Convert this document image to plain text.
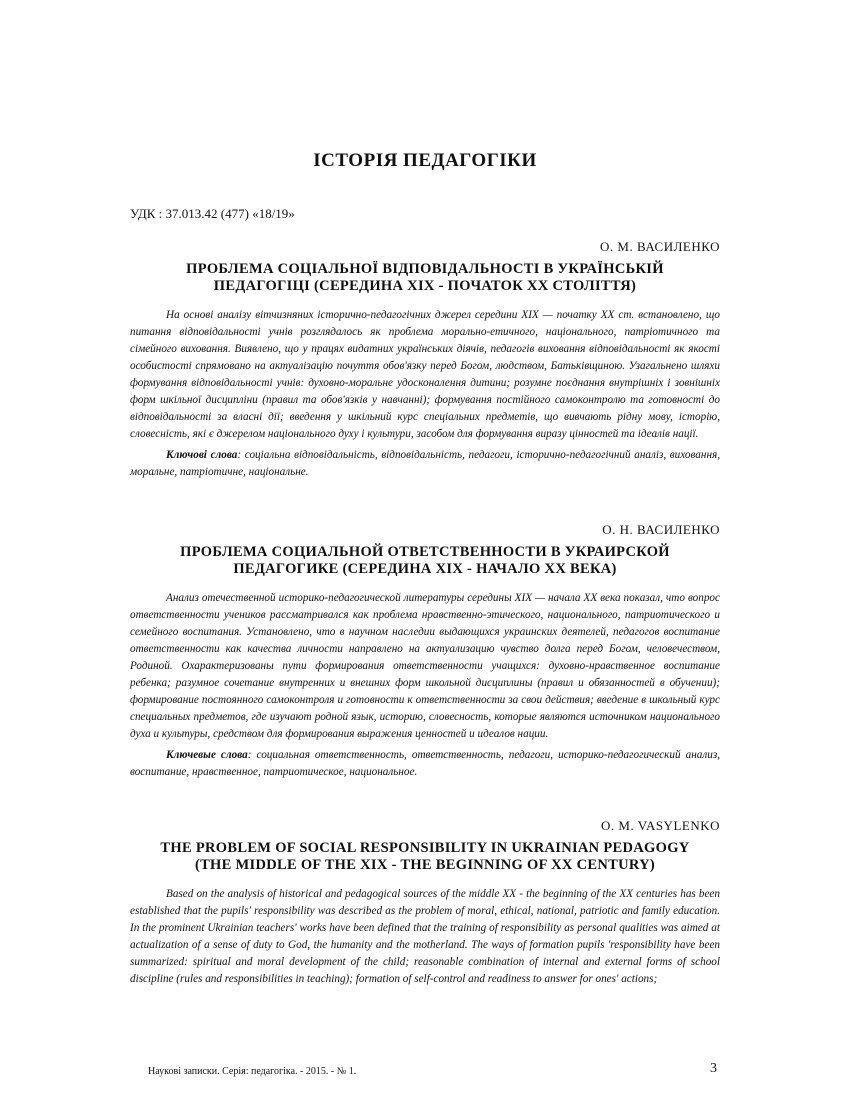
ІСТОРІЯ ПЕДАГОГІКИ
УДК : 37.013.42 (477) «18/19»
О. М. ВАСИЛЕНКО
ПРОБЛЕМА СОЦІАЛЬНОЇ ВІДПОВІДАЛЬНОСТІ В УКРАЇНСЬКІЙ
ПЕДАГОГІЦІ (СЕРЕДИНА XIX - ПОЧАТОК XX СТОЛІТТЯ)
На основі аналізу вітчизняних історично-педагогічних джерел середини XIX — початку XX ст. встановлено, що питання відповідальності учнів розглядалось як проблема морально-етичного, національного, патріотичного та сімейного виховання. Виявлено, що у працях видатних українських діячів, педагогів виховання відповідальності як якості особистості спрямовано на актуалізацію почуття обов'язку перед Богом, людством, Батьківщиною. Узагальнено шляхи формування відповідальності учнів: духовно-моральне удосконалення дитини; розумне поєднання внутрішніх і зовнішніх форм шкільної дисципліни (правил та обов'язків у навчанні); формування постійного самоконтролю та готовності до відповідальності за власні дії; введення у шкільний курс спеціальних предметів, що вивчають рідну мову, історію, словесність, які є джерелом національного духу і культури, засобом для формування виразу цінностей та ідеалів нації.
Ключові слова: соціальна відповідальність, відповідальність, педагоги, історично-педагогічний аналіз, виховання, моральне, патріотичне, національне.
О. Н. ВАСИЛЕНКО
ПРОБЛЕМА СОЦИАЛЬНОЙ ОТВЕТСТВЕННОСТИ В УКРАИРСКОЙ
ПЕДАГОГИКЕ (СЕРЕДИНА XIX - НАЧАЛО XX ВЕКА)
Анализ отечественной историко-педагогической литературы середины XIX — начала XX века показал, что вопрос ответственности учеников рассматривался как проблема нравственно-этического, национального, патриотического и семейного воспитания. Установлено, что в научном наследии выдающихся украинских деятелей, педагогов воспитание ответственности как качества личности направлено на актуализацию чувство долга перед Богом, человечеством, Родиной. Охарактеризованы пути формирования ответственности учащихся: духовно-нравственное воспитание ребенка; разумное сочетание внутренних и внешних форм школьной дисциплины (правил и обязанностей в обучении); формирование постоянного самоконтроля и готовности к ответственности за свои действия; введение в школьный курс специальных предметов, где изучают родной язык, историю, словесность, которые являются источником национального духа и культуры, средством для формирования выражения ценностей и идеалов нации.
Ключевые слова: социальная ответственность, ответственность, педагоги, историко-педагогический анализ, воспитание, нравственное, патриотическое, национальное.
O. M. VASYLENKO
THE PROBLEM OF SOCIAL RESPONSIBILITY IN UKRAINIAN PEDAGOGY
(THE MIDDLE OF THE XIX - THE BEGINNING OF XX CENTURY)
Based on the analysis of historical and pedagogical sources of the middle XX - the beginning of the XX centuries has been established that the pupils' responsibility was described as the problem of moral, ethical, national, patriotic and family education. In the prominent Ukrainian teachers' works have been defined that the training of responsibility as personal qualities was aimed at actualization of a sense of duty to God, the humanity and the motherland. The ways of formation pupils 'responsibility have been summarized: spiritual and moral development of the child; reasonable combination of internal and external forms of school discipline (rules and responsibilities in teaching); formation of self-control and readiness to answer for ones' actions;
Наукові записки. Серія: педагогіка. - 2015. - № 1.	3
